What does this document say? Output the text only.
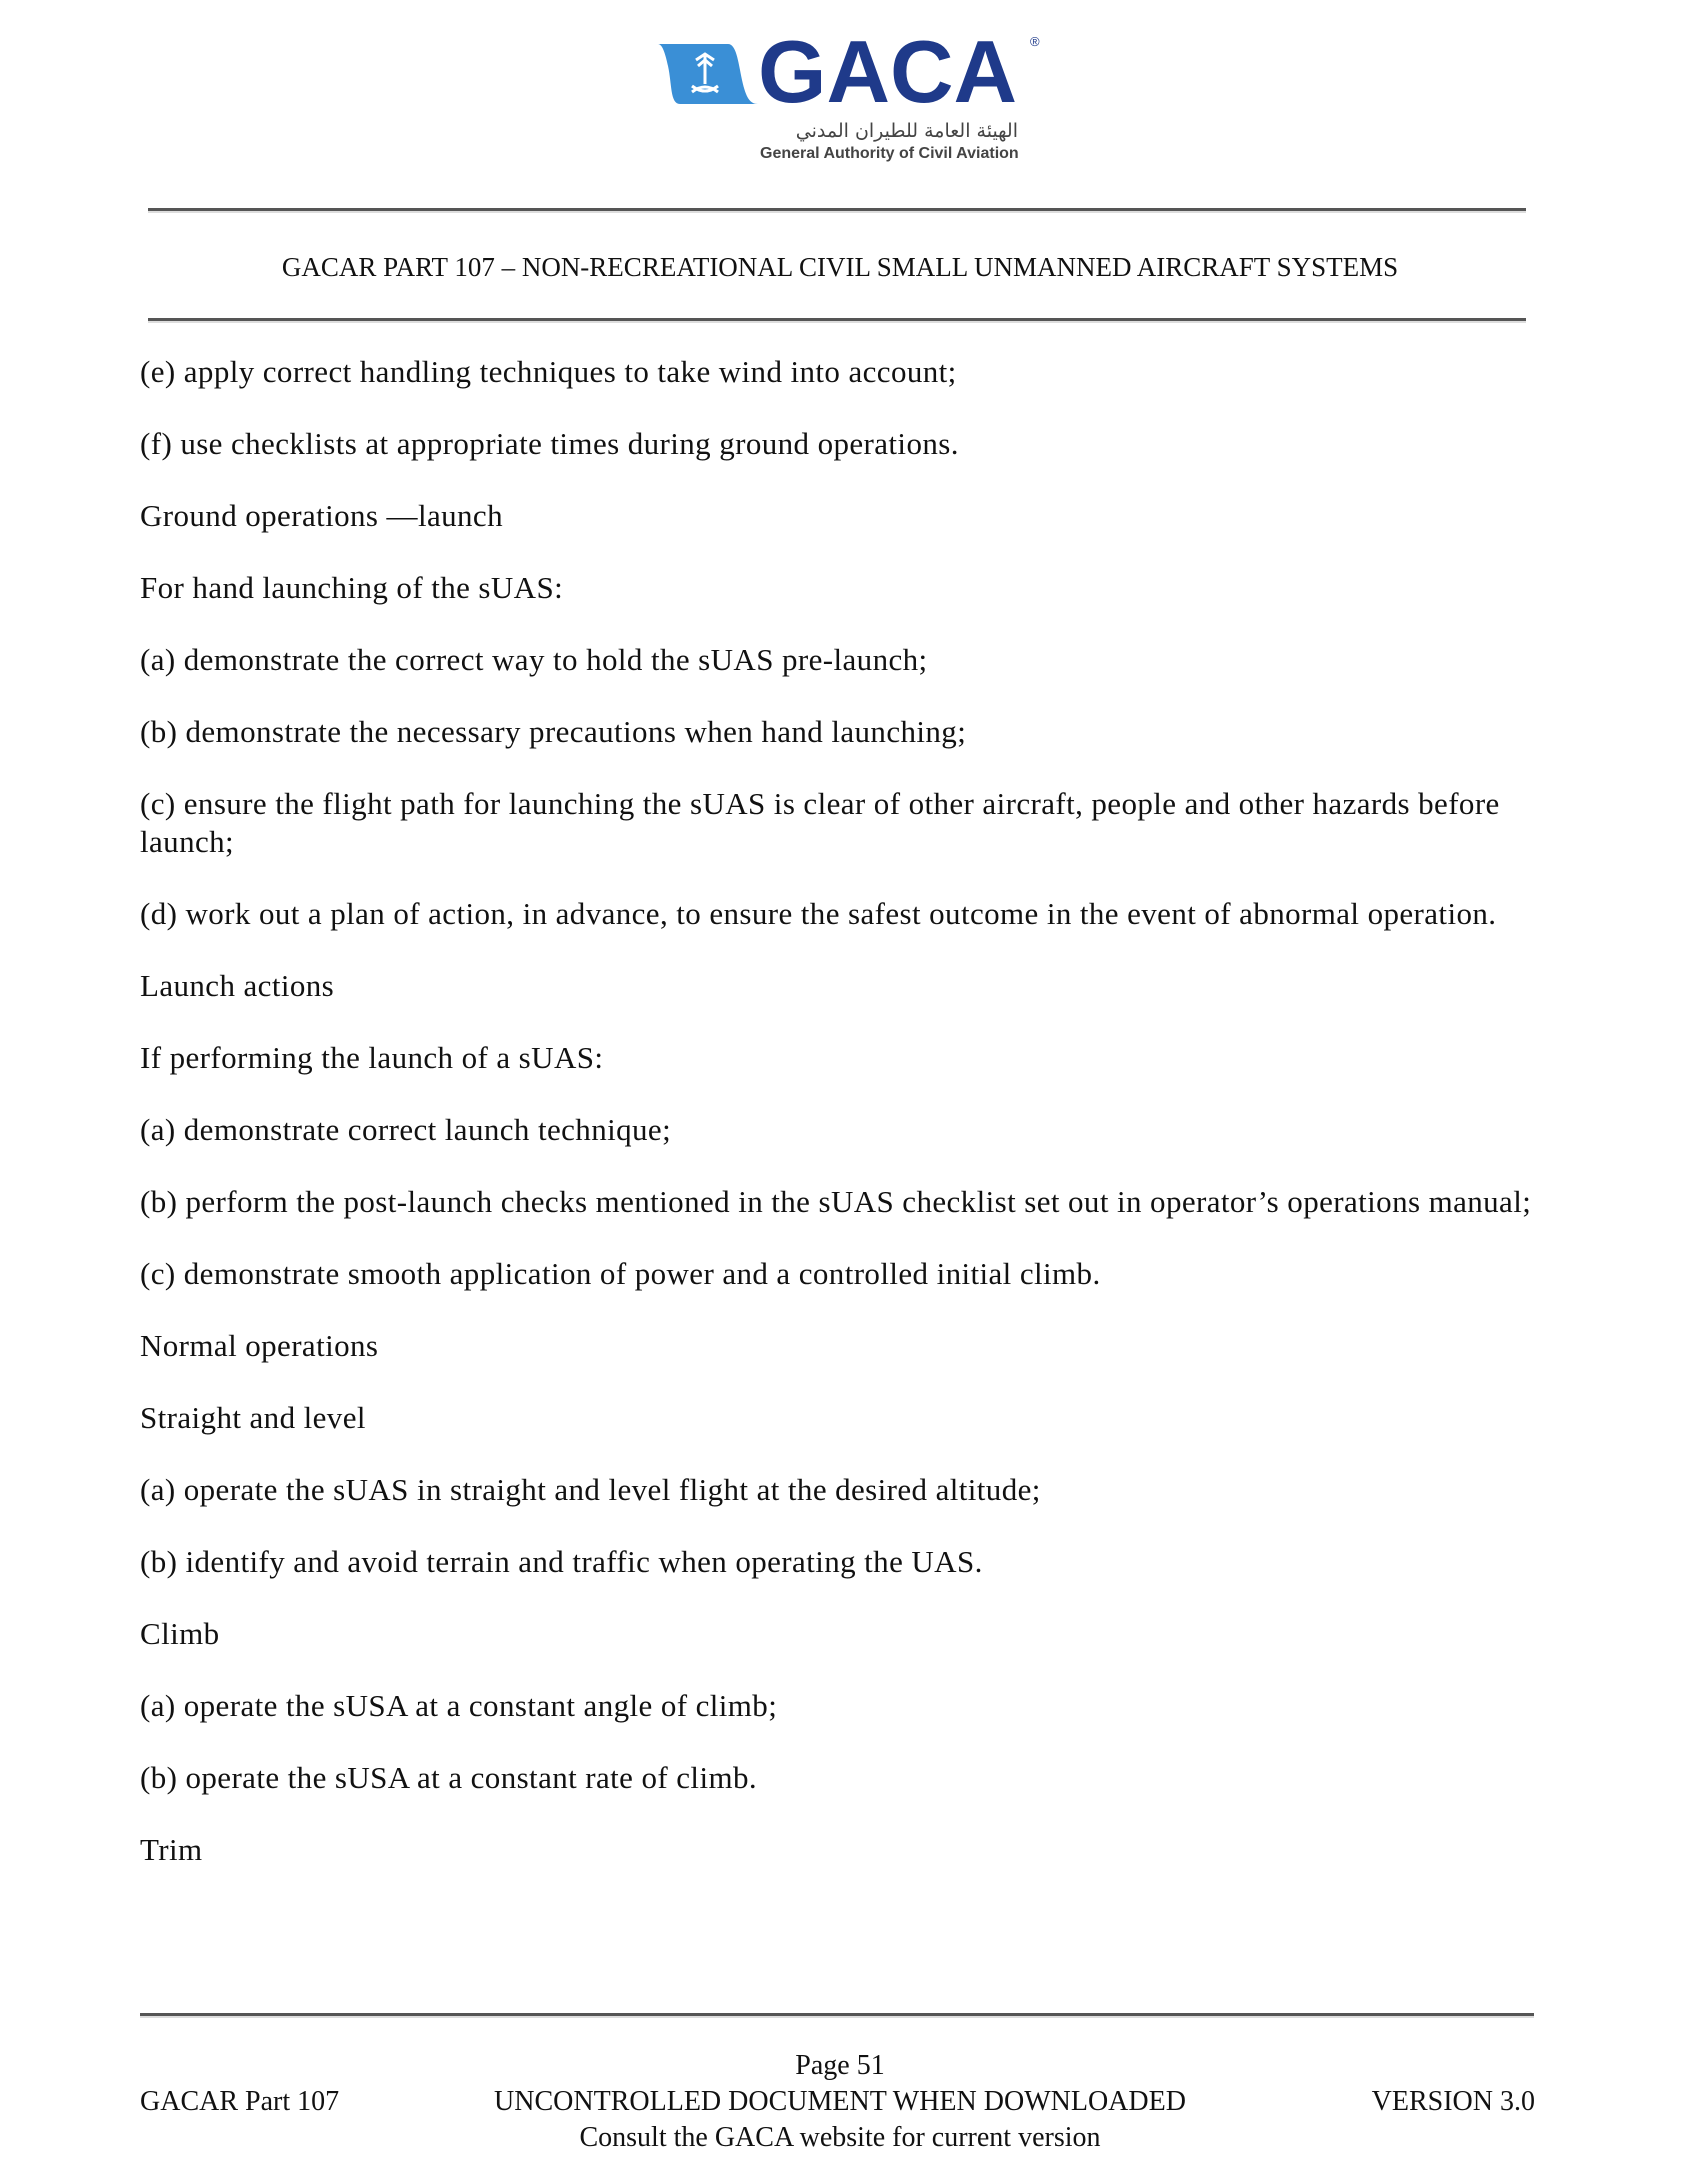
GACA ®
الهيئة العامة للطيران المدني
General Authority of Civil Aviation
GACAR PART 107 – NON-RECREATIONAL CIVIL SMALL UNMANNED AIRCRAFT SYSTEMS

(e) apply correct handling techniques to take wind into account;

(f) use checklists at appropriate times during ground operations.

Ground operations —launch

For hand launching of the sUAS:

(a) demonstrate the correct way to hold the sUAS pre-launch;

(b) demonstrate the necessary precautions when hand launching;

(c) ensure the flight path for launching the sUAS is clear of other aircraft, people and other hazards before launch;

(d) work out a plan of action, in advance, to ensure the safest outcome in the event of abnormal operation.

Launch actions

If performing the launch of a sUAS:

(a) demonstrate correct launch technique;

(b) perform the post-launch checks mentioned in the sUAS checklist set out in operator’s operations manual;

(c) demonstrate smooth application of power and a controlled initial climb.

Normal operations

Straight and level

(a) operate the sUAS in straight and level flight at the desired altitude;

(b) identify and avoid terrain and traffic when operating the UAS.

Climb

(a) operate the sUSA at a constant angle of climb;

(b) operate the sUSA at a constant rate of climb.

Trim

Page 51
GACAR Part 107	UNCONTROLLED DOCUMENT WHEN DOWNLOADED	VERSION 3.0
Consult the GACA website for current version
